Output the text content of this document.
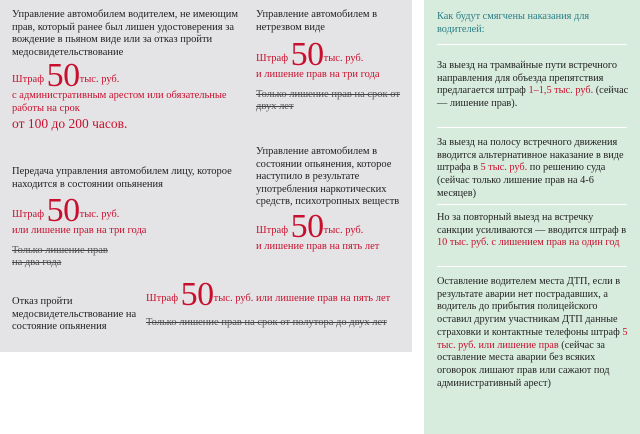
Управление автомобилем водителем, не имеющим прав, который ранее был лишен удостоверения за вождение в пьяном виде или за отказ пройти медосвидетельствование
Штраф 50тыс. руб.
с административным арестом или обязательные работы на срок
от 100 до 200 часов.
Управление автомобилем в нетрезвом виде
Штраф 50тыс. руб.
и лишение прав на три года
Только лишение прав на срок от двух лет
Передача управления автомобилем лицу, которое находится в состоянии опьянения
Штраф 50тыс. руб.
или лишение прав на три года
Только лишение прав на два года
Управление автомобилем в состоянии опьянения, которое наступило в результате употребления наркотических средств, психотропных веществ
Штраф 50тыс. руб.
и лишение прав на пять лет
Отказ пройти медосвидетельствование на состояние опьянения
Штраф 50тыс. руб. или лишение прав на пять лет
Только лишение прав на срок от полутора до двух лет
Как будут смягчены наказания для водителей:
За выезд на трамвайные пути встречного направления для объезда препятствия предлагается штраф 1–1,5 тыс. руб. (сейчас — лишение прав).
За выезд на полосу встречного движения вводится альтернативное наказание в виде штрафа в 5 тыс. руб. по решению суда (сейчас только лишение прав на 4-6 месяцев)
Но за повторный выезд на встречку санкции усиливаются — вводится штраф в 10 тыс. руб. с лишением прав на один год
Оставление водителем места ДТП, если в результате аварии нет пострадавших, а водитель до прибытия полицейского оставил другим участникам ДТП данные страховки и контактные телефоны штраф 5 тыс. руб. или лишение прав (сейчас за оставление места аварии без всяких оговорок лишают прав или сажают под административный арест)
